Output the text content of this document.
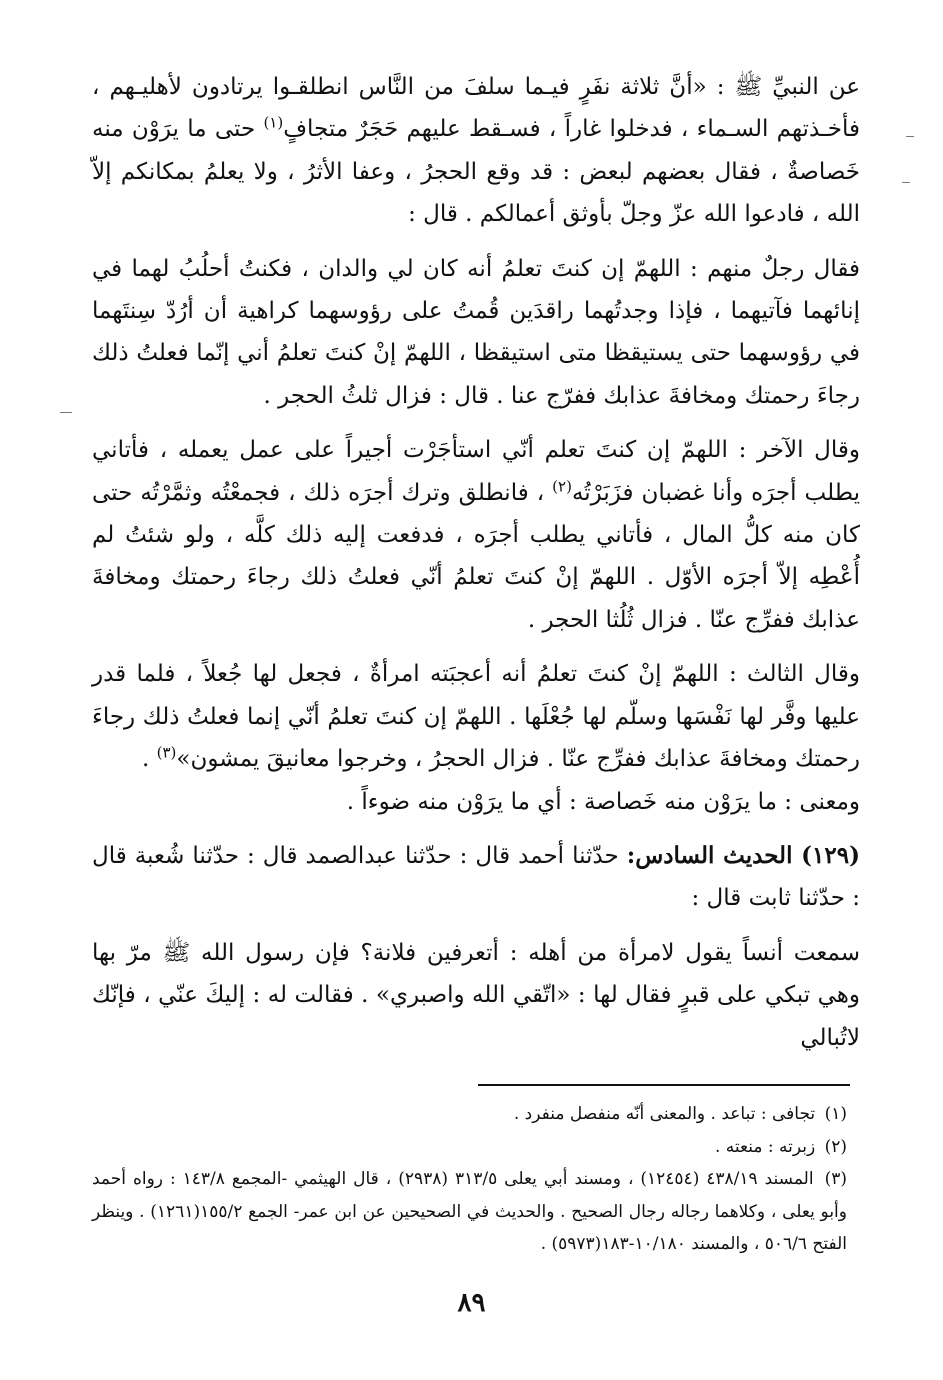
عن النبيِّ ﷺ : «أنَّ ثلاثة نفَرٍ فيـما سلفَ من النَّاس انطلقـوا يرتادون لأهليـهم ، فأخـذتهم السـماء ، فدخلوا غاراً ، فسـقط عليهم حَجَرٌ متجافٍ$^{(١)}$ حتى ما يرَوْن منه خَصاصةٌ ، فقال بعضهم لبعض : قد وقع الحجرُ ، وعفا الأثرُ ، ولا يعلمُ بمكانكم إلاّ الله ، فادعوا الله عزّ وجلّ بأوثق أعمالكم . قال :

فقال رجلٌ منهم : اللهمّ إن كنتَ تعلمُ أنه كان لي والدان ، فكنتُ أحلُبُ لهما في إنائهما فآتيهما ، فإذا وجدتُهما راقدَين قُمتُ على رؤوسهما كراهية أن أرُدّ سِنتَهما في رؤوسهما حتى يستيقظا متى استيقظا ، اللهمّ إنْ كنتَ تعلمُ أني إنّما فعلتُ ذلك رجاءَ رحمتك ومخافةَ عذابك ففرّج عنا . قال : فزال ثلثُ الحجر .

وقال الآخر : اللهمّ إن كنتَ تعلم أنّي استأجَرْت أجيراً على عمل يعمله ، فأتاني يطلب أجرَه وأنا غضبان فزَبَرْتُه$^{(٢)}$ ، فانطلق وترك أجرَه ذلك ، فجمعْتُه وثمَّرْتُه حتى كان منه كلُّ المال ، فأتاني يطلب أجرَه ، فدفعت إليه ذلك كلَّه ، ولو شئتُ لم أُعْطِه إلاّ أجرَه الأوّل . اللهمّ إنْ كنتَ تعلمُ أنّي فعلتُ ذلك رجاءَ رحمتك ومخافةَ عذابك ففرِّج عنّا . فزال ثُلُثا الحجر .

وقال الثالث : اللهمّ إنْ كنتَ تعلمُ أنه أعجبَته امرأةٌ ، فجعل لها جُعلاً ، فلما قدر عليها وفَّر لها نَفْسَها وسلّم لها جُعْلَها . اللهمّ إن كنتَ تعلمُ أنّي إنما فعلتُ ذلك رجاءَ رحمتك ومخافةَ عذابك ففرِّج عنّا . فزال الحجرُ ، وخرجوا معانيقَ يمشون»$^{(٣)}$ .

ومعنى : ما يرَوْن منه خَصاصة : أي ما يرَوْن منه ضوءاً .

(١٢٩) الحديث السادس: حدّثنا أحمد قال : حدّثنا عبدالصمد قال : حدّثنا شُعبة قال : حدّثنا ثابت قال :

سمعت أنساً يقول لامرأة من أهله : أتعرفين فلانة؟ فإن رسول الله ﷺ مرّ بها وهي تبكي على قبرٍ فقال لها : «اتّقي الله واصبري» . فقالت له : إليكَ عنّي ، فإنّك لاتُبالي

(١) تجافى : تباعد . والمعنى أنّه منفصل منفرد .

(٢) زبرته : منعته .

(٣) المسند ٤٣٨/١٩ (١٢٤٥٤) ، ومسند أبي يعلى ٣١٣/٥ (٢٩٣٨) ، قال الهيثمي -المجمع ١٤٣/٨ : رواه أحمد وأبو يعلى ، وكلاهما رجاله رجال الصحيح . والحديث في الصحيحين عن ابن عمر- الجمع ١٥٥/٢(١٢٦١) . وينظر الفتح ٥٠٦/٦ ، والمسند ١٠/١٨٠-١٨٣(٥٩٧٣) .

٨٩
